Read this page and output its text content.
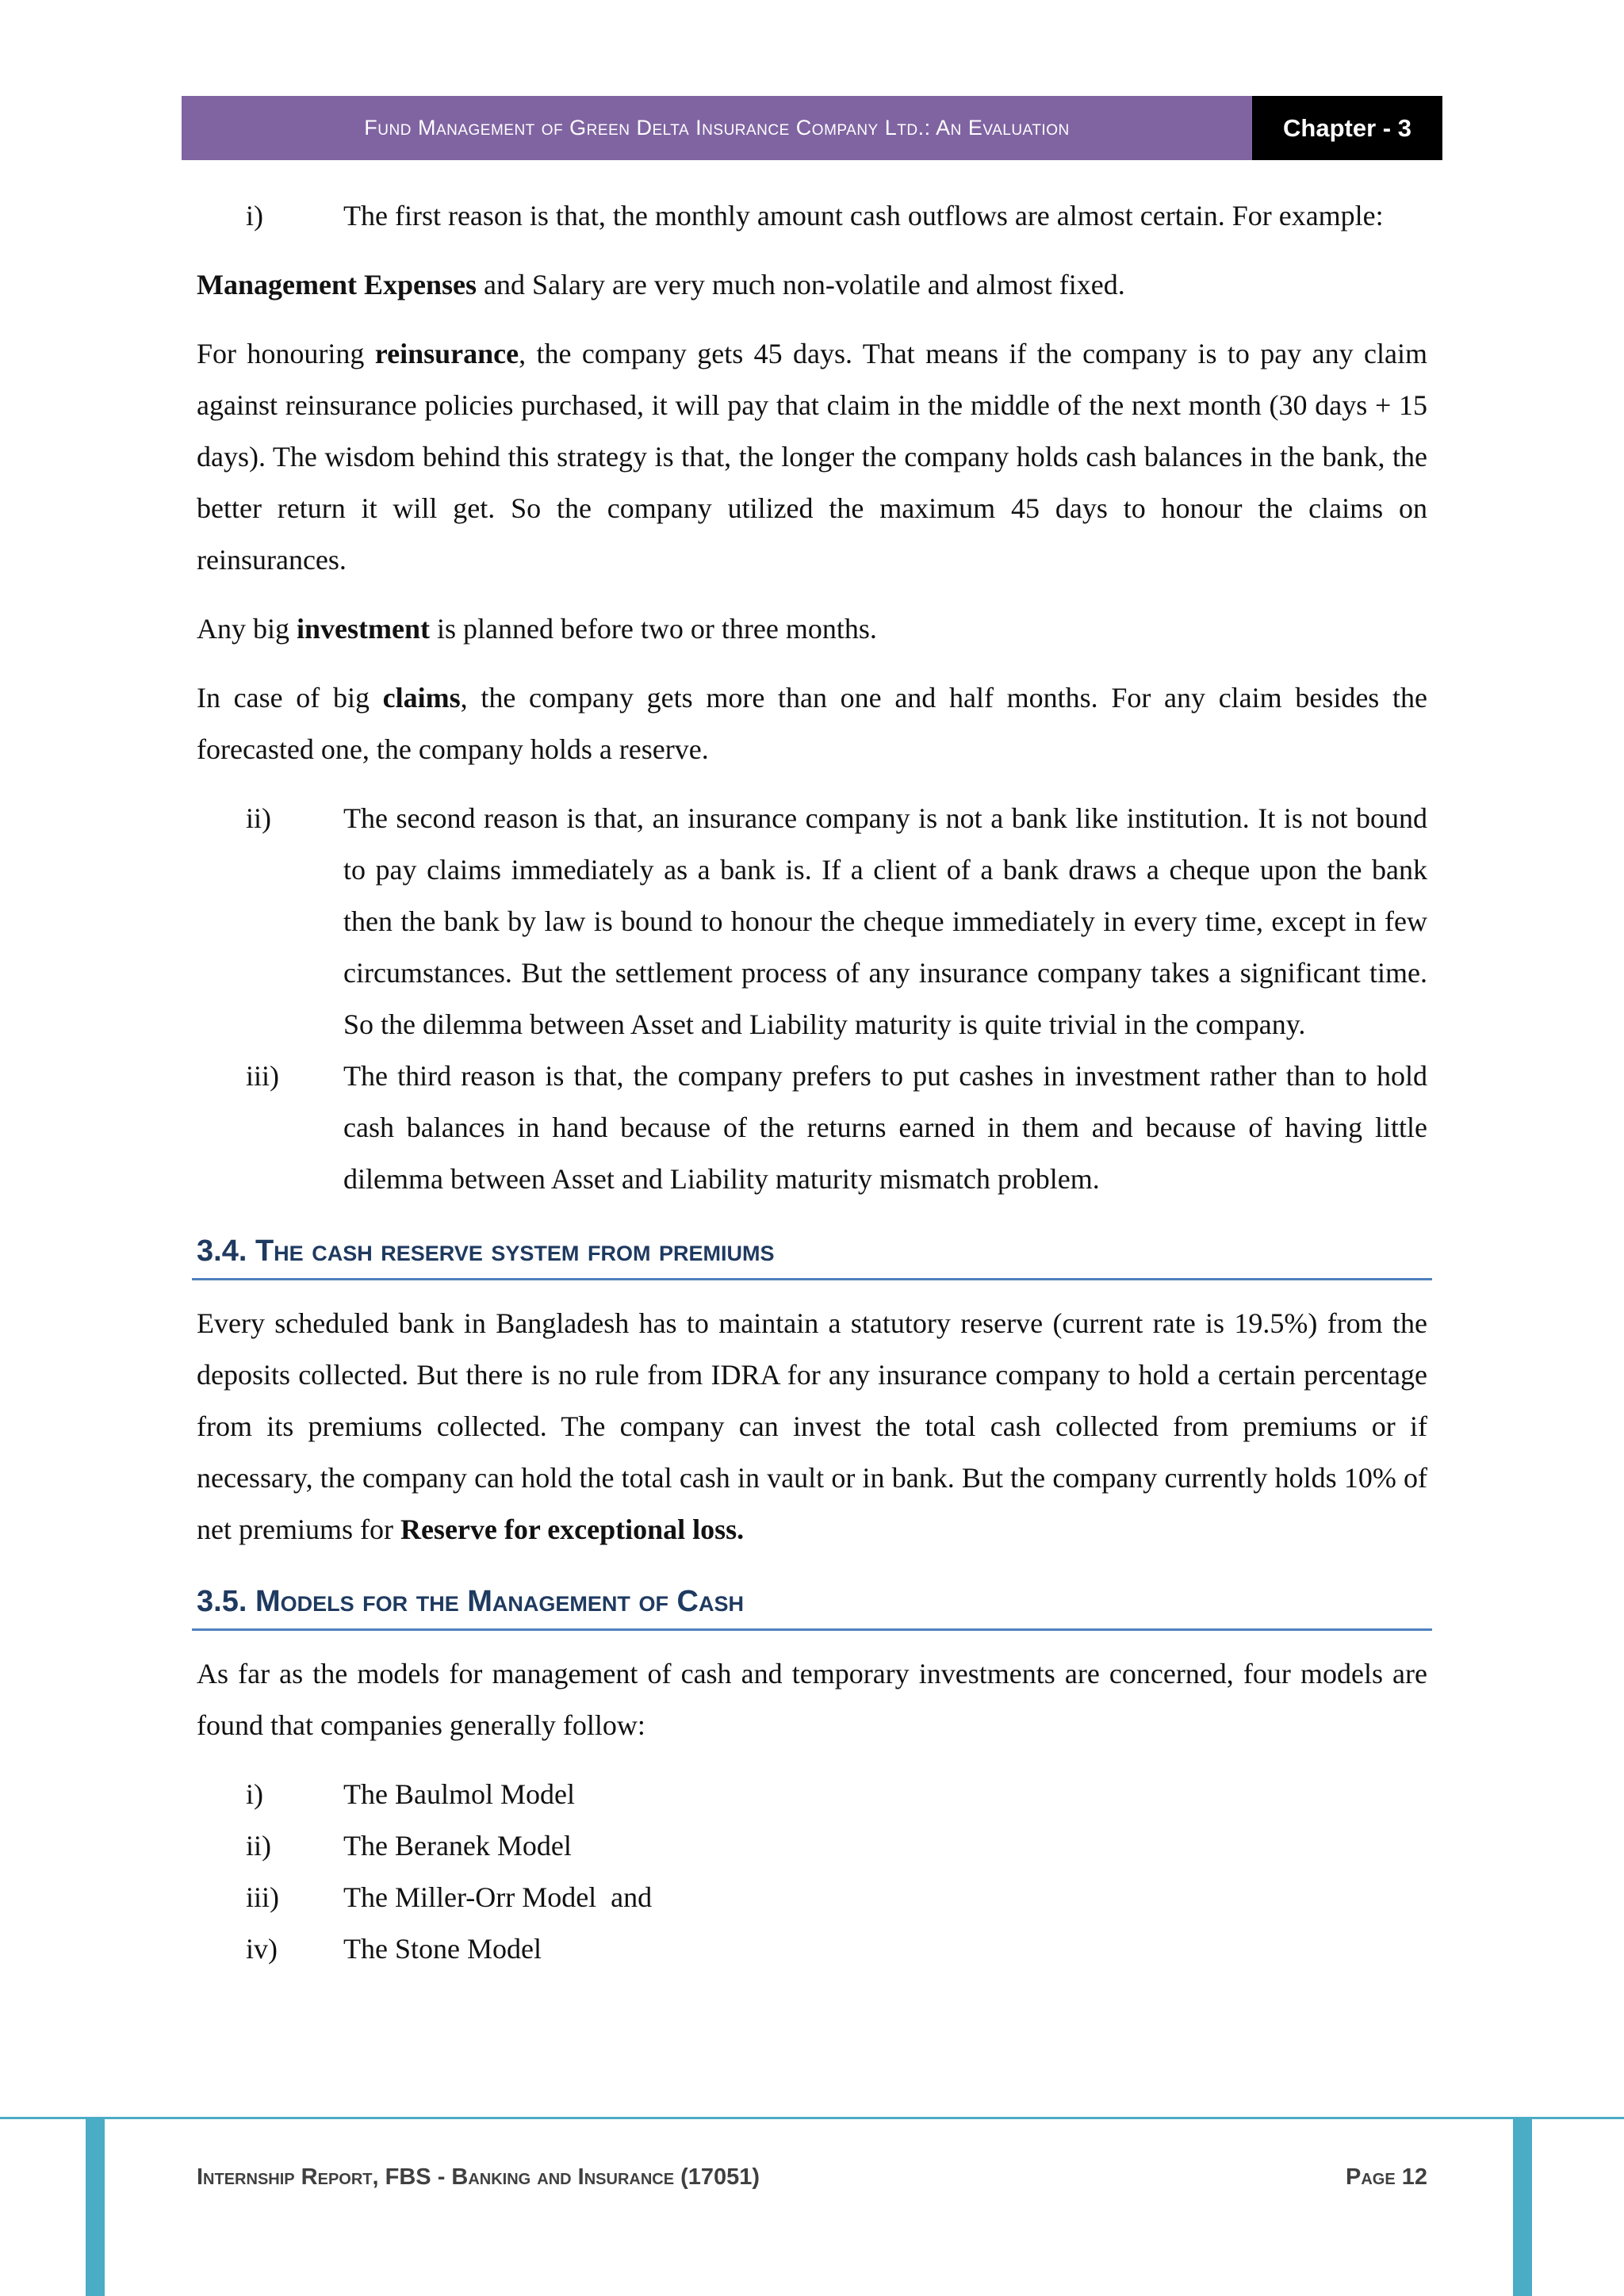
Fund Management of Green Delta Insurance Company Ltd.: An Evaluation	Chapter - 3
i)	The first reason is that, the monthly amount cash outflows are almost certain. For example:

Management Expenses and Salary are very much non-volatile and almost fixed.

For honouring reinsurance, the company gets 45 days. That means if the company is to pay any claim against reinsurance policies purchased, it will pay that claim in the middle of the next month (30 days + 15 days). The wisdom behind this strategy is that, the longer the company holds cash balances in the bank, the better return it will get. So the company utilized the maximum 45 days to honour the claims on reinsurances.

Any big investment is planned before two or three months.

In case of big claims, the company gets more than one and half months. For any claim besides the forecasted one, the company holds a reserve.

ii)	The second reason is that, an insurance company is not a bank like institution. It is not bound to pay claims immediately as a bank is. If a client of a bank draws a cheque upon the bank then the bank by law is bound to honour the cheque immediately in every time, except in few circumstances. But the settlement process of any insurance company takes a significant time. So the dilemma between Asset and Liability maturity is quite trivial in the company.
iii)	The third reason is that, the company prefers to put cashes in investment rather than to hold cash balances in hand because of the returns earned in them and because of having little dilemma between Asset and Liability maturity mismatch problem.
3.4. The cash reserve system from premiums

Every scheduled bank in Bangladesh has to maintain a statutory reserve (current rate is 19.5%) from the deposits collected. But there is no rule from IDRA for any insurance company to hold a certain percentage from its premiums collected. The company can invest the total cash collected from premiums or if necessary, the company can hold the total cash in vault or in bank. But the company currently holds 10% of net premiums for Reserve for exceptional loss.

3.5. Models for the Management of Cash

As far as the models for management of cash and temporary investments are concerned, four models are found that companies generally follow:

i)	The Baulmol Model
ii)	The Beranek Model
iii)	The Miller-Orr Model  and
iv)	The Stone Model
Internship Report, FBS - Banking and Insurance (17051)	Page 12
